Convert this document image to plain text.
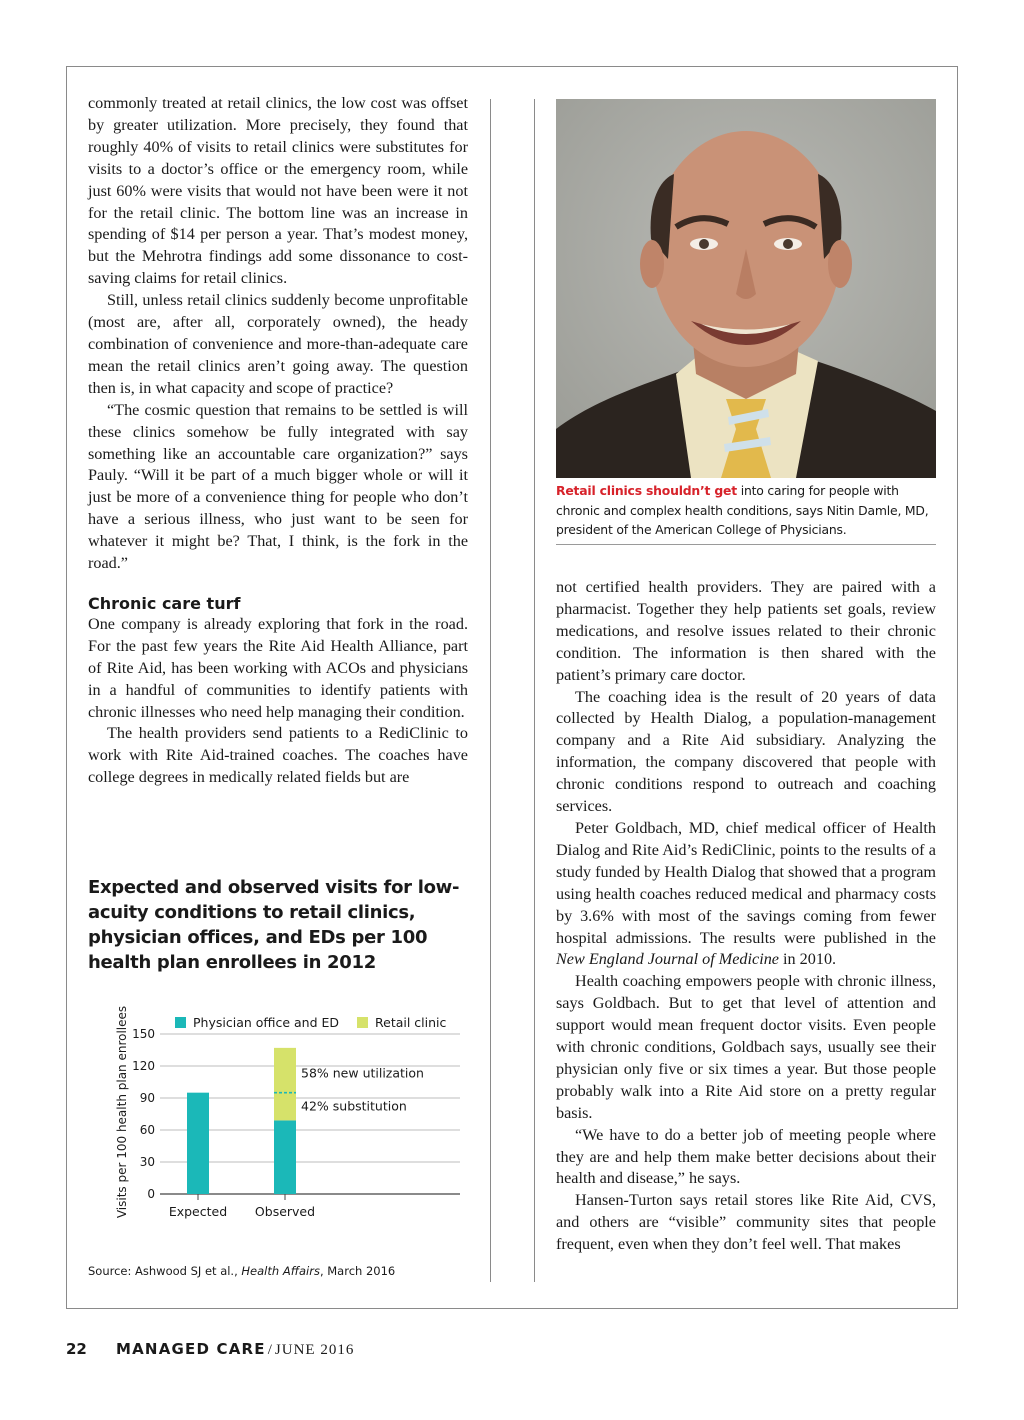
commonly treated at retail clinics, the low cost was offset by greater utilization. More precisely, they found that roughly 40% of visits to retail clinics were substitutes for visits to a doctor’s office or the emergency room, while just 60% were visits that would not have been were it not for the retail clinic. The bottom line was an increase in spending of $14 per person a year. That’s modest money, but the Mehrotra findings add some dissonance to cost-saving claims for retail clinics.

Still, unless retail clinics suddenly become unprofitable (most are, after all, corporately owned), the heady combination of convenience and more-than-adequate care mean the retail clinics aren’t going away. The question then is, in what capacity and scope of practice?

“The cosmic question that remains to be settled is will these clinics somehow be fully integrated with say something like an accountable care organization?” says Pauly. “Will it be part of a much bigger whole or will it just be more of a convenience thing for people who don’t have a serious illness, who just want to be seen for whatever it might be? That, I think, is the fork in the road.”

Chronic care turf

One company is already exploring that fork in the road. For the past few years the Rite Aid Health Alliance, part of Rite Aid, has been working with ACOs and physicians in a handful of communities to identify patients with chronic illnesses who need help managing their condition.

The health providers send patients to a RediClinic to work with Rite Aid-trained coaches. The coaches have college degrees in medically related fields but are

Retail clinics shouldn’t get into caring for people with chronic and complex health conditions, says Nitin Damle, MD, president of the American College of Physicians.

not certified health providers. They are paired with a pharmacist. Together they help patients set goals, review medications, and resolve issues related to their chronic condition. The information is then shared with the patient’s primary care doctor.

The coaching idea is the result of 20 years of data collected by Health Dialog, a population-management company and a Rite Aid subsidiary. Analyzing the information, the company discovered that people with chronic conditions respond to outreach and coaching services.

Peter Goldbach, MD, chief medical officer of Health Dialog and Rite Aid’s RediClinic, points to the results of a study funded by Health Dialog that showed that a program using health coaches reduced medical and pharmacy costs by 3.6% with most of the savings coming from fewer hospital admissions. The results were published in the New England Journal of Medicine in 2010.

Health coaching empowers people with chronic illness, says Goldbach. But to get that level of attention and support would mean frequent doctor visits. Even people with chronic conditions, Goldbach says, usually see their physician only five or six times a year. But those people probably walk into a Rite Aid store on a pretty regular basis.

“We have to do a better job of meeting people where they are and help them make better decisions about their health and disease,” he says.

Hansen-Turton says retail stores like Rite Aid, CVS, and others are “visible” community sites that people frequent, even when they don’t feel well. That makes

Expected and observed visits for low-acuity conditions to retail clinics, physician offices, and EDs per 100 health plan enrollees in 2012
0
30
60
90
120
150
Expected Observed
Physician office and ED	Retail clinic
58% new utilization
42% substitution
Visits per 100 health plan enrollees
Source: Ashwood SJ et al., Health Affairs, March 2016
22	MANAGED CARE / JUNE 2016
